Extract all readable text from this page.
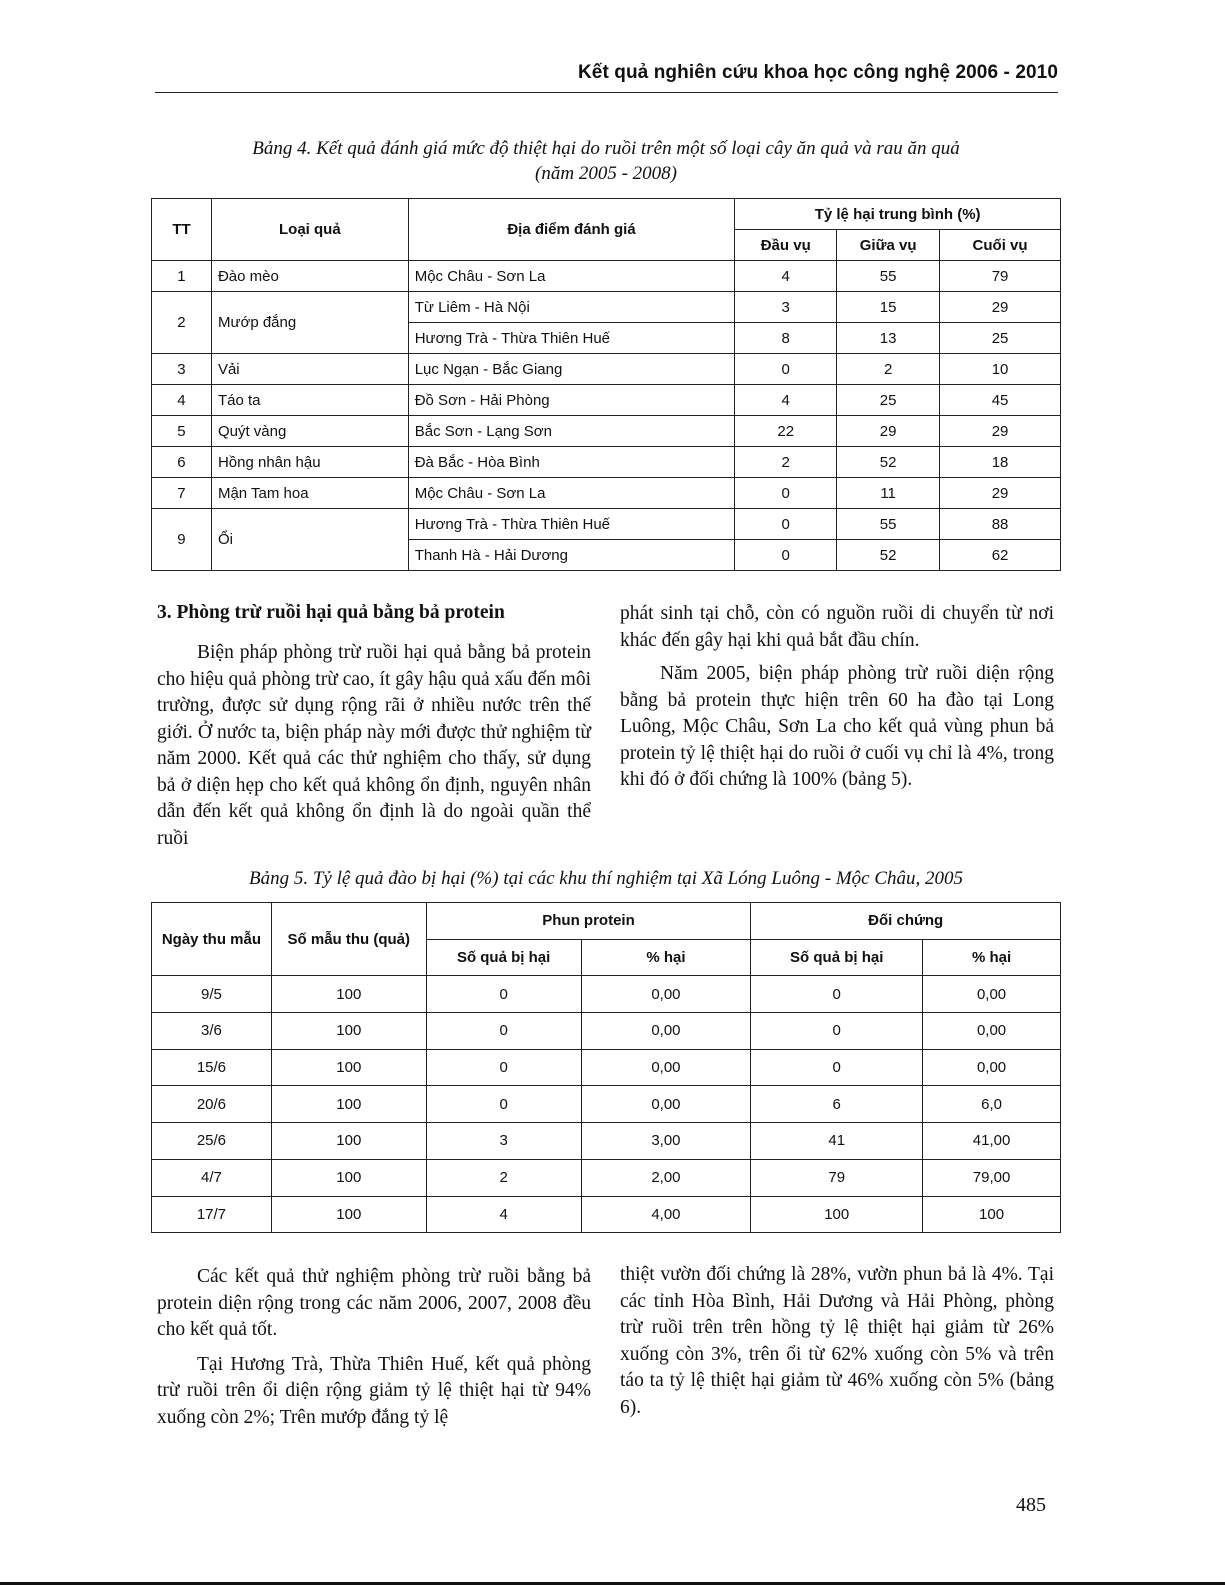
Kết quả nghiên cứu khoa học công nghệ 2006 - 2010
Bảng 4. Kết quả đánh giá mức độ thiệt hại do ruồi trên một số loại cây ăn quả và rau ăn quả
(năm 2005 - 2008)
TT	Loại quả	Địa điểm đánh giá	Tỷ lệ hại trung bình (%)		
			Đầu vụ	Giữa vụ	Cuối vụ
1	Đào mèo	Mộc Châu - Sơn La	4	55	79
2	Mướp đắng	Từ Liêm - Hà Nội	3	15	29
		Hương Trà - Thừa Thiên Huế	8	13	25
3	Vải	Lục Ngạn - Bắc Giang	0	2	10
4	Táo ta	Đồ Sơn - Hải Phòng	4	25	45
5	Quýt vàng	Bắc Sơn - Lạng Sơn	22	29	29
6	Hồng nhân hậu	Đà Bắc - Hòa Bình	2	52	18
7	Mận Tam hoa	Mộc Châu - Sơn La	0	11	29
9	Ổi	Hương Trà - Thừa Thiên Huế	0	55	88
		Thanh Hà - Hải Dương	0	52	62
3. Phòng trừ ruồi hại quả bằng bả protein

Biện pháp phòng trừ ruồi hại quả bằng bả protein cho hiệu quả phòng trừ cao, ít gây hậu quả xấu đến môi trường, được sử dụng rộng rãi ở nhiều nước trên thế giới. Ở nước ta, biện pháp này mới được thử nghiệm từ năm 2000. Kết quả các thử nghiệm cho thấy, sử dụng bả ở diện hẹp cho kết quả không ổn định, nguyên nhân dẫn đến kết quả không ổn định là do ngoài quần thể ruồi

phát sinh tại chỗ, còn có nguồn ruồi di chuyển từ nơi khác đến gây hại khi quả bắt đầu chín.

Năm 2005, biện pháp phòng trừ ruồi diện rộng bằng bả protein thực hiện trên 60 ha đào tại Long Luông, Mộc Châu, Sơn La cho kết quả vùng phun bả protein tỷ lệ thiệt hại do ruồi ở cuối vụ chỉ là 4%, trong khi đó ở đối chứng là 100% (bảng 5).

Bảng 5. Tỷ lệ quả đào bị hại (%) tại các khu thí nghiệm tại Xã Lóng Luông - Mộc Châu, 2005
Ngày thu mẫu	Số mẫu thu (quả)	Phun protein		Đối chứng	
		Số quả bị hại	% hại	Số quả bị hại	% hại
9/5	100	0	0,00	0	0,00
3/6	100	0	0,00	0	0,00
15/6	100	0	0,00	0	0,00
20/6	100	0	0,00	6	6,0
25/6	100	3	3,00	41	41,00
4/7	100	2	2,00	79	79,00
17/7	100	4	4,00	100	100

Các kết quả thử nghiệm phòng trừ ruồi bằng bả protein diện rộng trong các năm 2006, 2007, 2008 đều cho kết quả tốt.

Tại Hương Trà, Thừa Thiên Huế, kết quả phòng trừ ruồi trên ổi diện rộng giảm tỷ lệ thiệt hại từ 94% xuống còn 2%; Trên mướp đắng tỷ lệ

thiệt vườn đối chứng là 28%, vườn phun bả là 4%. Tại các tỉnh Hòa Bình, Hải Dương và Hải Phòng, phòng trừ ruồi trên trên hồng tỷ lệ thiệt hại giảm từ 26% xuống còn 3%, trên ổi từ 62% xuống còn 5% và trên táo ta tỷ lệ thiệt hại giảm từ 46% xuống còn 5% (bảng 6).

485
